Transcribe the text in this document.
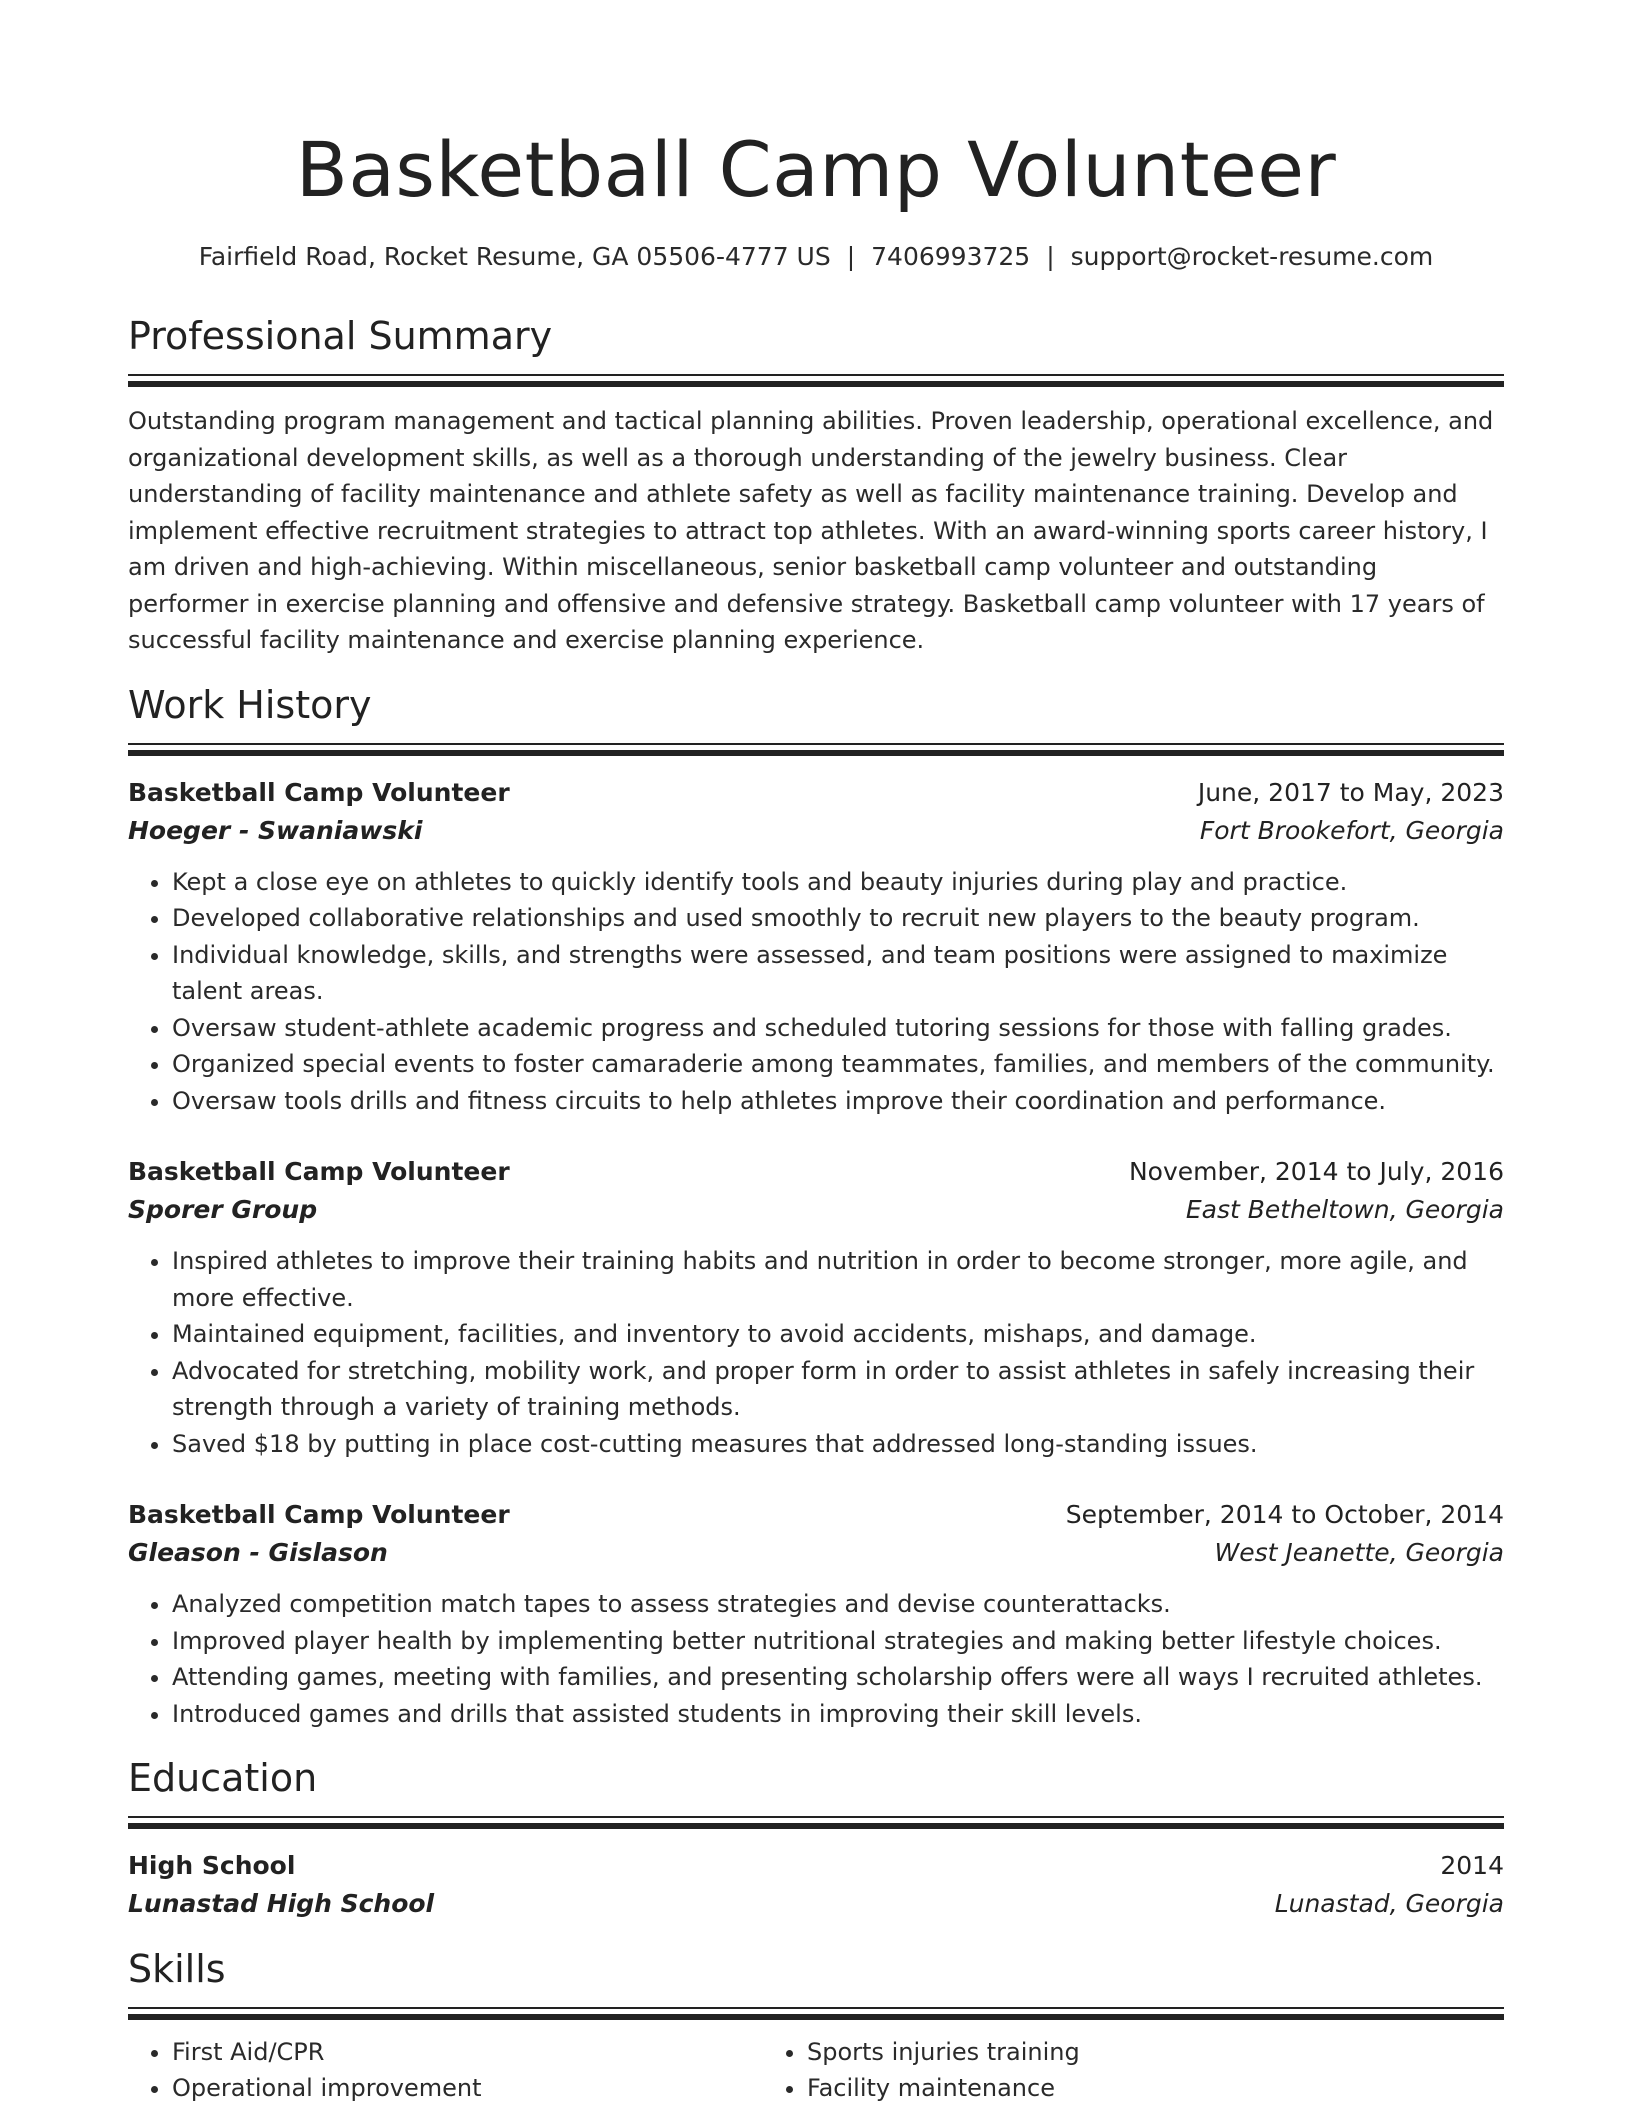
Basketball Camp Volunteer
Fairfield Road, Rocket Resume, GA 05506-4777 US | 7406993725 | support@rocket-resume.com
Professional Summary

Outstanding program management and tactical planning abilities. Proven leadership, operational excellence, and organizational development skills, as well as a thorough understanding of the jewelry business. Clear understanding of facility maintenance and athlete safety as well as facility maintenance training. Develop and implement effective recruitment strategies to attract top athletes. With an award-winning sports career history, I am driven and high-achieving. Within miscellaneous, senior basketball camp volunteer and outstanding performer in exercise planning and offensive and defensive strategy. Basketball camp volunteer with 17 years of successful facility maintenance and exercise planning experience.

Work History
Basketball Camp Volunteer	June, 2017 to May, 2023
Hoeger - Swaniawski	Fort Brookefort, Georgia
• Kept a close eye on athletes to quickly identify tools and beauty injuries during play and practice.
• Developed collaborative relationships and used smoothly to recruit new players to the beauty program.
• Individual knowledge, skills, and strengths were assessed, and team positions were assigned to maximize talent areas.
• Oversaw student-athlete academic progress and scheduled tutoring sessions for those with falling grades.
• Organized special events to foster camaraderie among teammates, families, and members of the community.
• Oversaw tools drills and fitness circuits to help athletes improve their coordination and performance.
Basketball Camp Volunteer	November, 2014 to July, 2016
Sporer Group	East Betheltown, Georgia
• Inspired athletes to improve their training habits and nutrition in order to become stronger, more agile, and more effective.
• Maintained equipment, facilities, and inventory to avoid accidents, mishaps, and damage.
• Advocated for stretching, mobility work, and proper form in order to assist athletes in safely increasing their strength through a variety of training methods.
• Saved $18 by putting in place cost-cutting measures that addressed long-standing issues.
Basketball Camp Volunteer	September, 2014 to October, 2014
Gleason - Gislason	West Jeanette, Georgia
• Analyzed competition match tapes to assess strategies and devise counterattacks.
• Improved player health by implementing better nutritional strategies and making better lifestyle choices.
• Attending games, meeting with families, and presenting scholarship offers were all ways I recruited athletes.
• Introduced games and drills that assisted students in improving their skill levels.
Education
High School	2014
Lunastad High School	Lunastad, Georgia
Skills
• First Aid/CPR
• Operational improvement
• Sports injuries training
• Facility maintenance
